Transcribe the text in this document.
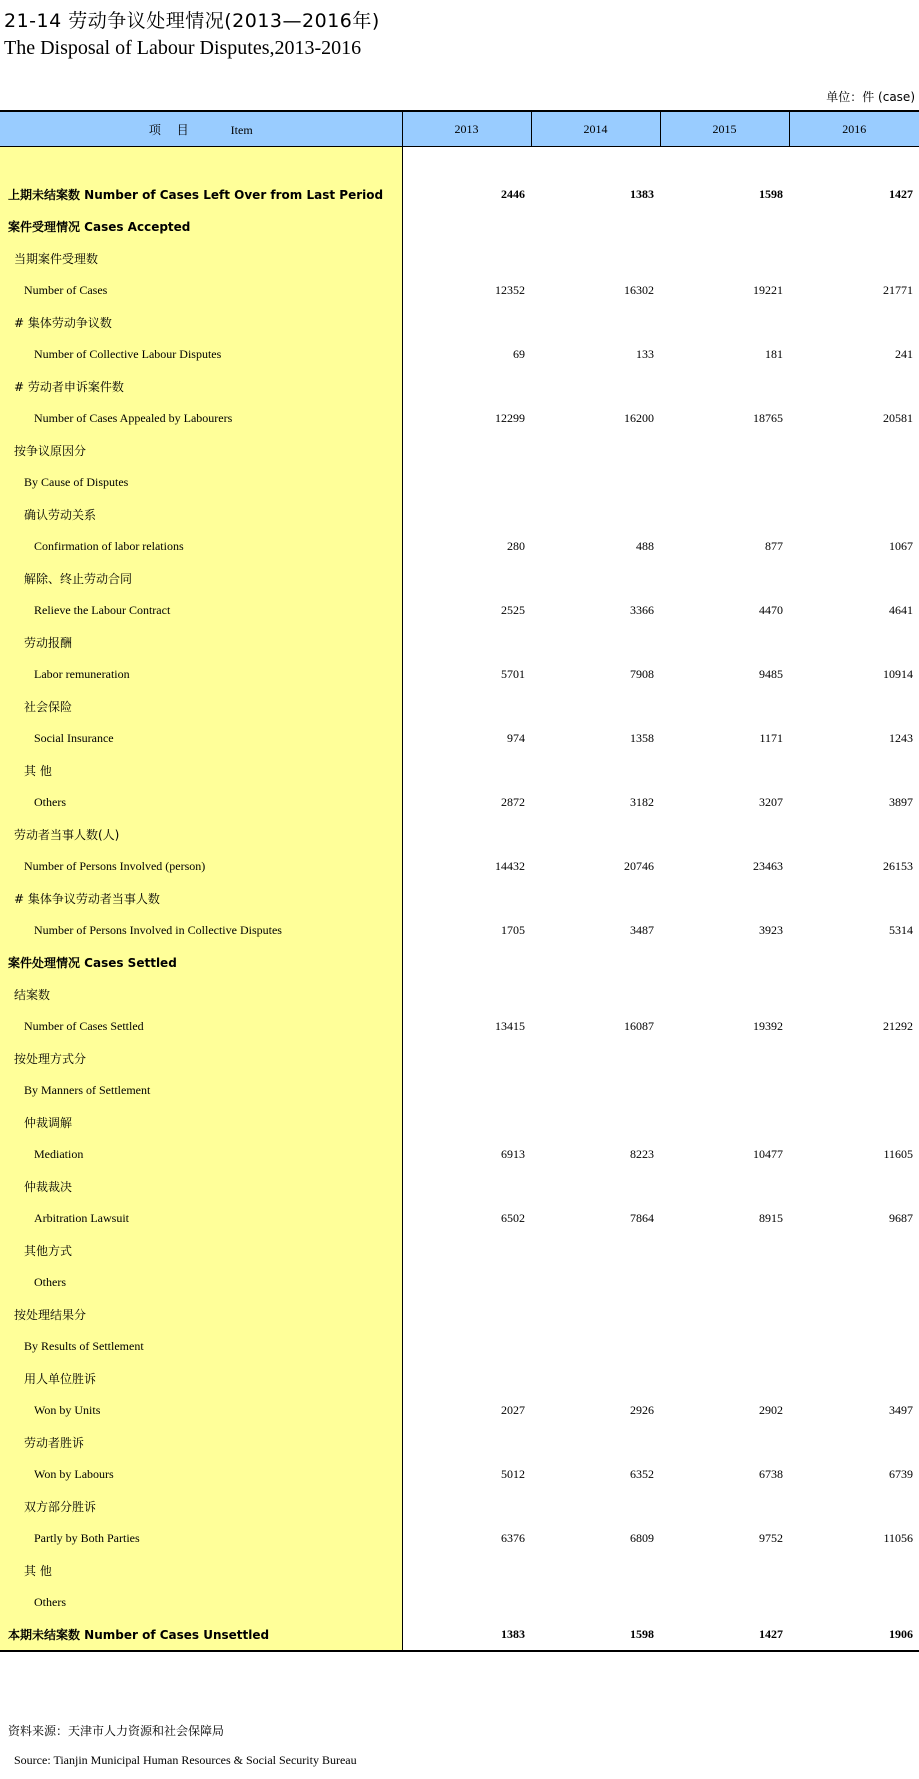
21-14 劳动争议处理情况(2013—2016年)
The Disposal of Labour Disputes,2013-2016
单位：件 (case)
项 目 Item	2013	2014	2015	2016

上期未结案数 Number of Cases Left Over from Last Period	2446	1383	1598	1427
案件受理情况 Cases Accepted				
当期案件受理数				
Number of Cases	12352	16302	19221	21771
# 集体劳动争议数				
Number of Collective Labour Disputes	69	133	181	241
# 劳动者申诉案件数				
Number of Cases Appealed by Labourers	12299	16200	18765	20581
按争议原因分				
By Cause of Disputes				
确认劳动关系				
Confirmation of labor relations	280	488	877	1067
解除、终止劳动合同				
Relieve the Labour Contract	2525	3366	4470	4641
劳动报酬				
Labor remuneration	5701	7908	9485	10914
社会保险				
Social Insurance	974	1358	1171	1243
其 他				
Others	2872	3182	3207	3897
劳动者当事人数(人)				
Number of Persons Involved (person)	14432	20746	23463	26153
# 集体争议劳动者当事人数				
Number of Persons Involved in Collective Disputes	1705	3487	3923	5314
案件处理情况 Cases Settled				
结案数				
Number of Cases Settled	13415	16087	19392	21292
按处理方式分				
By Manners of Settlement				
仲裁调解				
Mediation	6913	8223	10477	11605
仲裁裁决				
Arbitration Lawsuit	6502	7864	8915	9687
其他方式				
Others				
按处理结果分				
By Results of Settlement				
用人单位胜诉				
Won by Units	2027	2926	2902	3497
劳动者胜诉				
Won by Labours	5012	6352	6738	6739
双方部分胜诉				
Partly by Both Parties	6376	6809	9752	11056
其 他				
Others				
本期未结案数 Number of Cases Unsettled	1383	1598	1427	1906
资料来源：天津市人力资源和社会保障局
Source: Tianjin Municipal Human Resources & Social Security Bureau
